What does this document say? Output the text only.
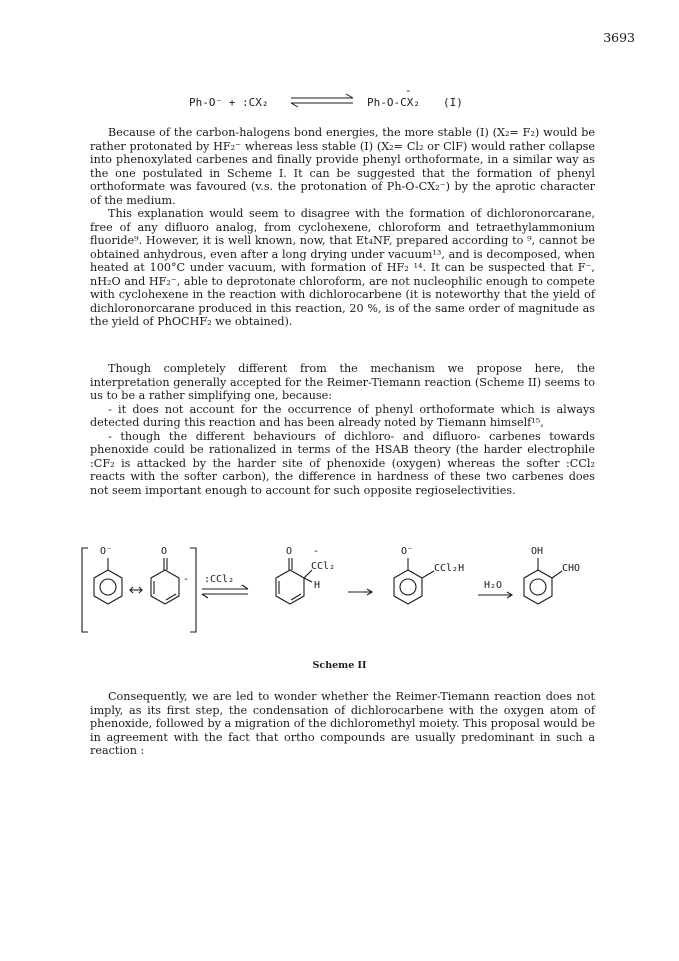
3693
Ph-O⁻ + :CX₂
-
Ph-O-CX₂ (I)

Because of the carbon-halogens bond energies, the more stable (I) (X₂= F₂) would be rather protonated by HF₂⁻ whereas less stable (I) (X₂= Cl₂ or ClF) would rather collapse into phenoxylated carbenes and finally provide phenyl orthoformate, in a similar way as the one postulated in Scheme I. It can be suggested that the formation of phenyl orthoformate was favoured (v.s. the protonation of Ph-O-CX₂⁻) by the aprotic character of the medium.

This explanation would seem to disagree with the formation of dichloronorcarane, free of any difluoro analog, from cyclohexene, chloroform and tetraethylammonium fluoride⁹. However, it is well known, now, that Et₄NF, prepared according to ⁹, cannot be obtained anhydrous, even after a long drying under vacuum¹³, and is decomposed, when heated at 100°C under vacuum, with formation of HF₂ ¹⁴. It can be suspected that F⁻, nH₂O and HF₂⁻, able to deprotonate chloroform, are not nucleophilic enough to compete with cyclohexene in the reaction with dichlorocarbene (it is noteworthy that the yield of dichloronorcarane produced in this reaction, 20 %, is of the same order of magnitude as the yield of PhOCHF₂ we obtained).

Though completely different from the mechanism we propose here, the interpretation generally accepted for the Reimer-Tiemann reaction (Scheme II) seems to us to be a rather simplifying one, because:

- it does not account for the occurrence of phenyl orthoformate which is always detected during this reaction and has been already noted by Tiemann himself¹⁵,

- though the different behaviours of dichloro- and difluoro- carbenes towards phenoxide could be rationalized in terms of the HSAB theory (the harder electrophile :CF₂ is attacked by the harder site of phenoxide (oxygen) whereas the softer :CCl₂ reacts with the softer carbon), the difference in hardness of these two carbenes does not seem important enough to account for such opposite regioselectivities.

O⁻	O
- :CCl₂
O -
CCl₂
H
O⁻
CCl₂H
H₂O
OH
CHO
Scheme II

Consequently, we are led to wonder whether the Reimer-Tiemann reaction does not imply, as its first step, the condensation of dichlorocarbene with the oxygen atom of phenoxide, followed by a migration of the dichloromethyl moiety. This proposal would be in agreement with the fact that ortho compounds are usually predominant in such a reaction :
